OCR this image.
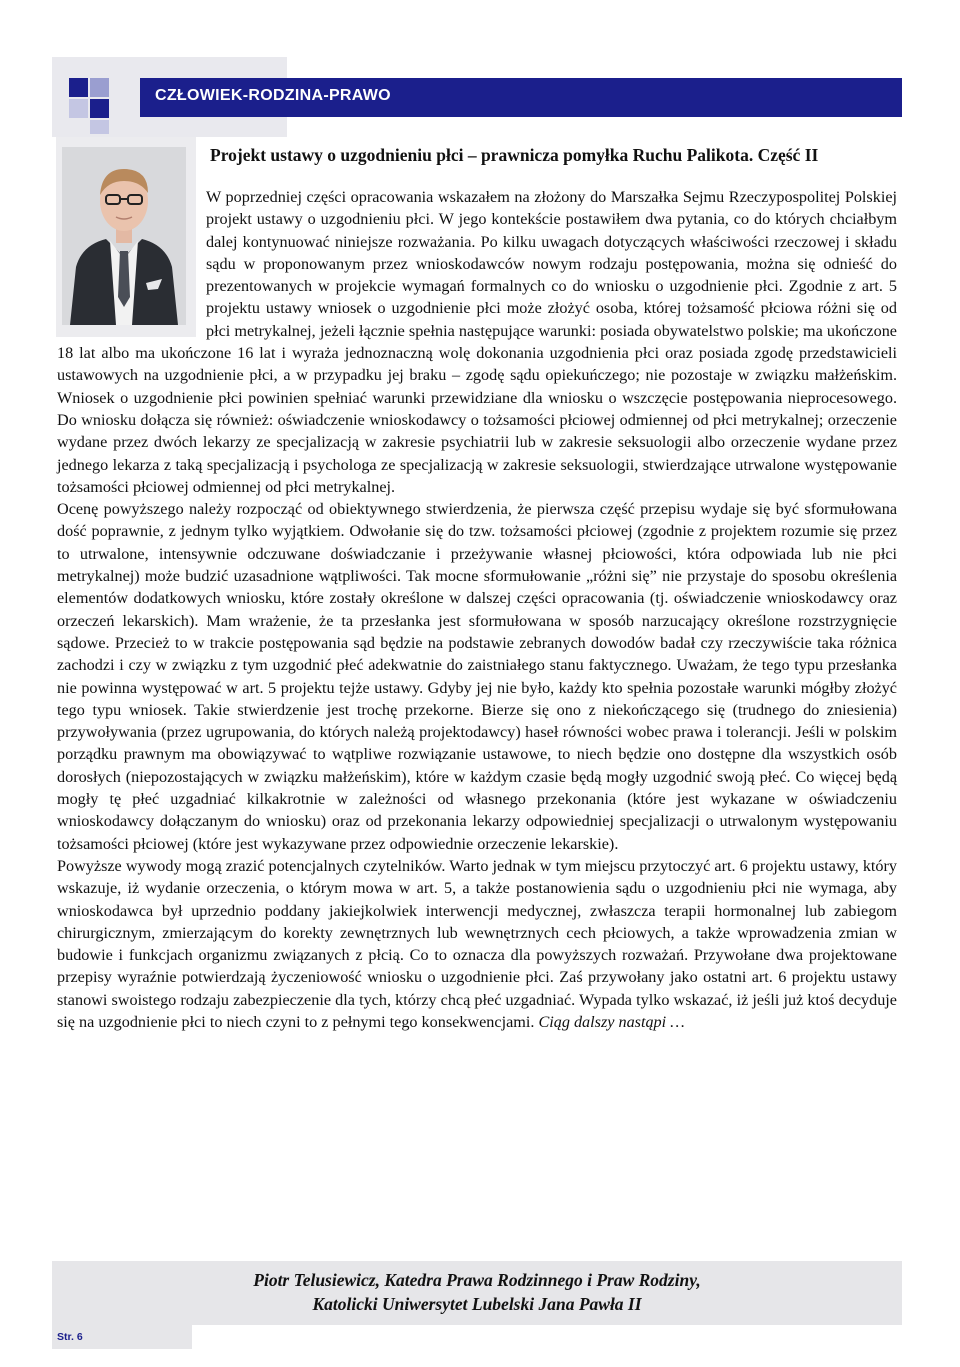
CZŁOWIEK-RODZINA-PRAWO
Projekt ustawy o uzgodnieniu płci – prawnicza pomyłka Ruchu Palikota. Część II

W poprzedniej części opracowania wskazałem na złożony do Marszałka Sejmu Rzeczypospolitej Polskiej projekt ustawy o uzgodnieniu płci. W jego kontekście postawiłem dwa pytania, co do których chciałbym dalej kontynuować niniejsze rozważania. Po kilku uwagach dotyczących właściwości rzeczowej i składu sądu w proponowanym przez wnioskodawców nowym rodzaju postępowania, można się odnieść do prezentowanych w projekcie wymagań formalnych co do wniosku o uzgodnienie płci. Zgodnie z art. 5 projektu ustawy wniosek o uzgodnienie płci może złożyć osoba, której tożsamość płciowa różni się od płci metrykalnej, jeżeli łącznie spełnia następujące warunki: posiada obywatelstwo polskie; ma ukończone 18 lat albo ma ukończone 16 lat i wyraża jednoznaczną wolę dokonania uzgodnienia płci oraz posiada zgodę przedstawicieli ustawowych na uzgodnienie płci, a w przypadku jej braku – zgodę sądu opiekuńczego; nie pozostaje w związku małżeńskim. Wniosek o uzgodnienie płci powinien spełniać warunki przewidziane dla wniosku o wszczęcie postępowania nieprocesowego. Do wniosku dołącza się również: oświadczenie wnioskodawcy o tożsamości płciowej odmiennej od płci metrykalnej; orzeczenie wydane przez dwóch lekarzy ze specjalizacją w zakresie psychiatrii lub w zakresie seksuologii albo orzeczenie wydane przez jednego lekarza z taką specjalizacją i psychologa ze specjalizacją w zakresie seksuologii, stwierdzające utrwalone występowanie tożsamości płciowej odmiennej od płci metrykalnej.

Ocenę powyższego należy rozpocząć od obiektywnego stwierdzenia, że pierwsza część przepisu wydaje się być sformułowana dość poprawnie, z jednym tylko wyjątkiem. Odwołanie się do tzw. tożsamości płciowej (zgodnie z projektem rozumie się przez to utrwalone, intensywnie odczuwane doświadczanie i przeżywanie własnej płciowości, która odpowiada lub nie płci metrykalnej) może budzić uzasadnione wątpliwości. Tak mocne sformułowanie „różni się” nie przystaje do sposobu określenia elementów dodatkowych wniosku, które zostały określone w dalszej części opracowania (tj. oświadczenie wnioskodawcy oraz orzeczeń lekarskich). Mam wrażenie, że ta przesłanka jest sformułowana w sposób narzucający określone rozstrzygnięcie sądowe. Przecież to w trakcie postępowania sąd będzie na podstawie zebranych dowodów badał czy rzeczywiście taka różnica zachodzi i czy w związku z tym uzgodnić płeć adekwatnie do zaistniałego stanu faktycznego. Uważam, że tego typu przesłanka nie powinna występować w art. 5 projektu tejże ustawy. Gdyby jej nie było, każdy kto spełnia pozostałe warunki mógłby złożyć tego typu wniosek. Takie stwierdzenie jest trochę przekorne. Bierze się ono z niekończącego się (trudnego do zniesienia) przywoływania (przez ugrupowania, do których należą projektodawcy) haseł równości wobec prawa i tolerancji. Jeśli w polskim porządku prawnym ma obowiązywać to wątpliwe rozwiązanie ustawowe, to niech będzie ono dostępne dla wszystkich osób dorosłych (niepozostających w związku małżeńskim), które w każdym czasie będą mogły uzgodnić swoją płeć. Co więcej będą mogły tę płeć uzgadniać kilkakrotnie w zależności od własnego przekonania (które jest wykazane w oświadczeniu wnioskodawcy dołączanym do wniosku) oraz od przekonania lekarzy odpowiedniej specjalizacji o utrwalonym występowaniu tożsamości płciowej (które jest wykazywane przez odpowiednie orzeczenie lekarskie).

Powyższe wywody mogą zrazić potencjalnych czytelników. Warto jednak w tym miejscu przytoczyć art. 6 projektu ustawy, który wskazuje, iż wydanie orzeczenia, o którym mowa w art. 5, a także postanowienia sądu o uzgodnieniu płci nie wymaga, aby wnioskodawca był uprzednio poddany jakiejkolwiek interwencji medycznej, zwłaszcza terapii hormonalnej lub zabiegom chirurgicznym, zmierzającym do korekty zewnętrznych lub wewnętrznych cech płciowych, a także wprowadzenia zmian w budowie i funkcjach organizmu związanych z płcią. Co to oznacza dla powyższych rozważań. Przywołane dwa projektowane przepisy wyraźnie potwierdzają życzeniowość wniosku o uzgodnienie płci. Zaś przywołany jako ostatni art. 6 projektu ustawy stanowi swoistego rodzaju zabezpieczenie dla tych, którzy chcą płeć uzgadniać. Wypada tylko wskazać, iż jeśli już ktoś decyduje się na uzgodnienie płci to niech czyni to z pełnymi tego konsekwencjami. Ciąg dalszy nastąpi …

Piotr Telusiewicz, Katedra Prawa Rodzinnego i Praw Rodziny,
Katolicki Uniwersytet Lubelski Jana Pawła II
Str. 6
